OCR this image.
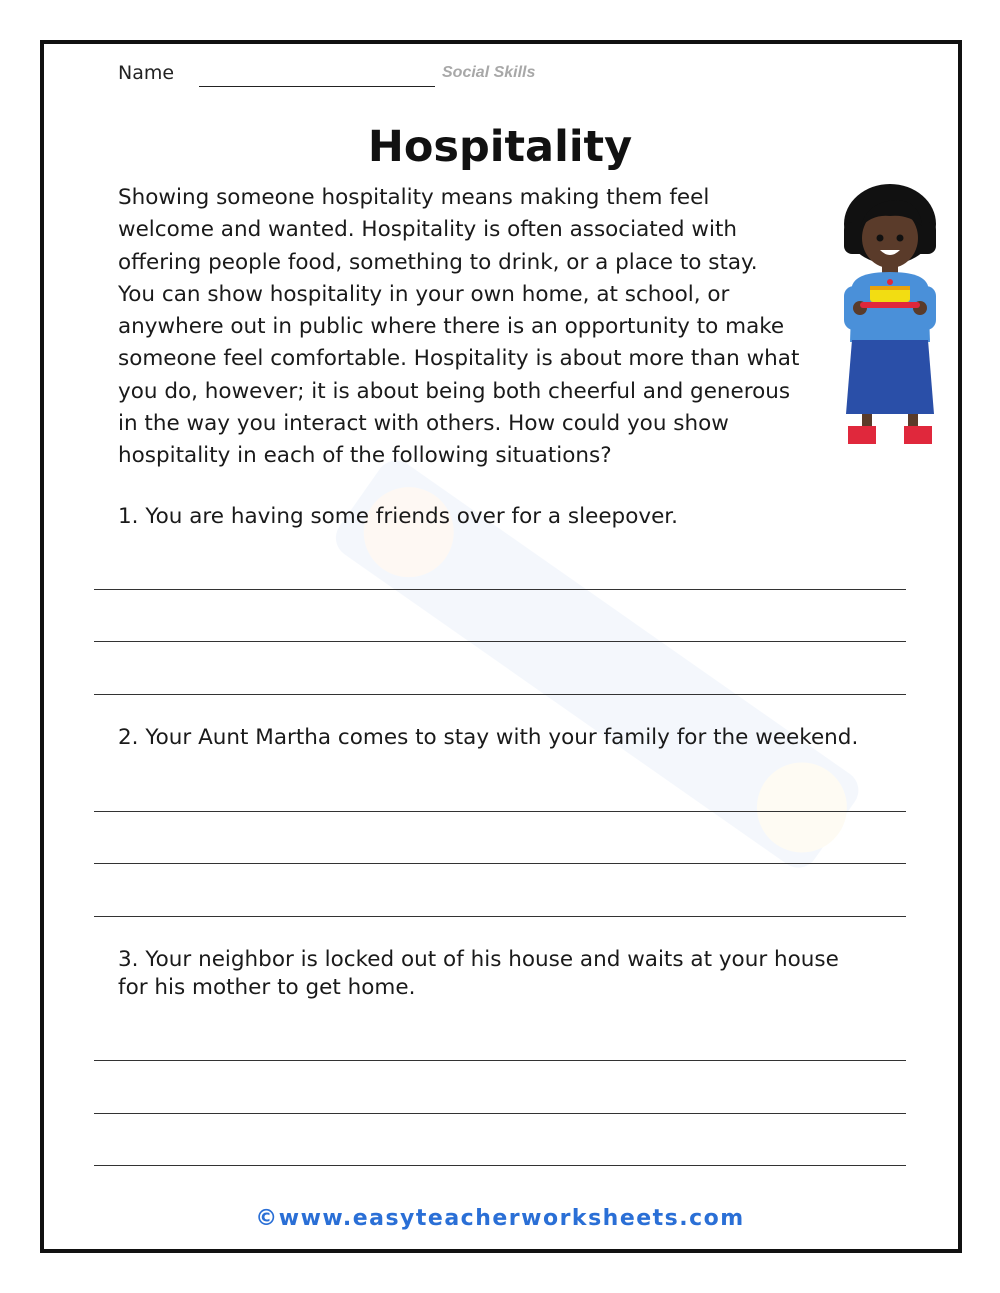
Name	Social Skills
Hospitality
Showing someone hospitality means making them feel
welcome and wanted. Hospitality is often associated with
offering people food, something to drink, or a place to stay.
You can show hospitality in your own home, at school, or
anywhere out in public where there is an opportunity to make
someone feel comfortable. Hospitality is about more than what
you do, however; it is about being both cheerful and generous
in the way you interact with others. How could you show
hospitality in each of the following situations?
1. You are having some friends over for a sleepover.
2. Your Aunt Martha comes to stay with your family for the weekend.
3. Your neighbor is locked out of his house and waits at your house
for his mother to get home.
©www.easyteacherworksheets.com
